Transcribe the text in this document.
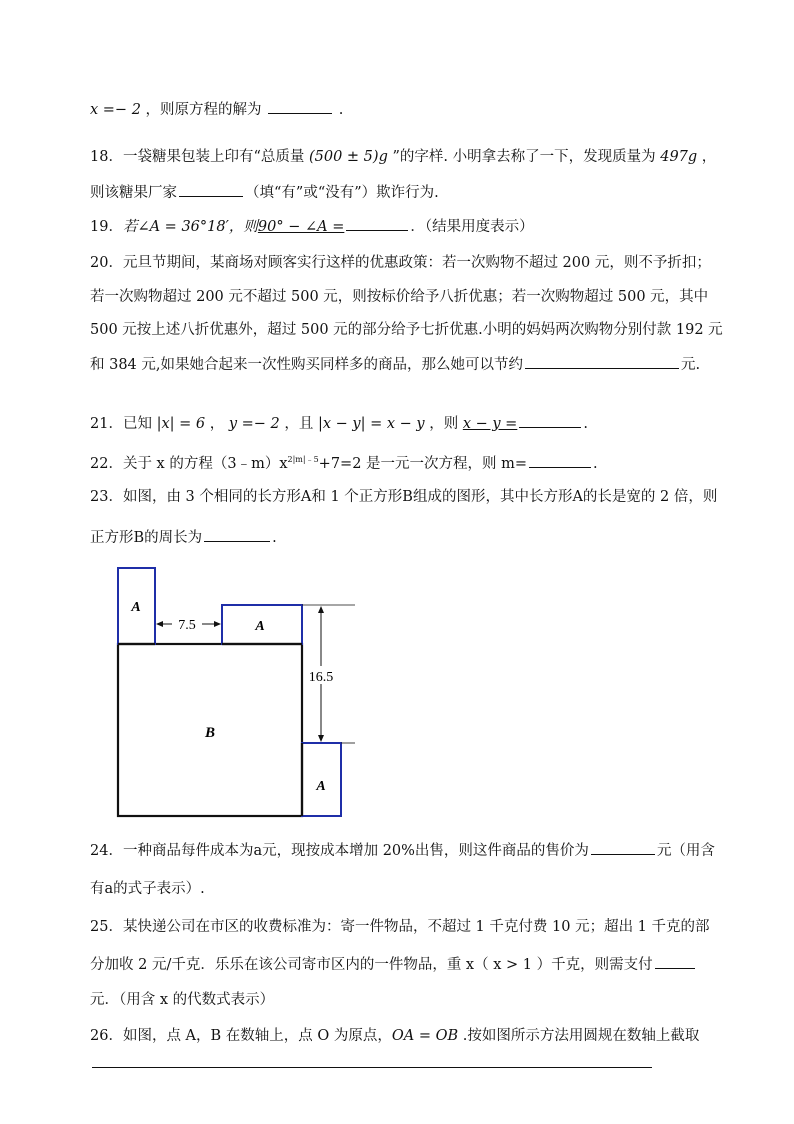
x =− 2 ，则原方程的解为	.
18．一袋糖果包装上印有“总质量 (500 ± 5)g ”的字样. 小明拿去称了一下，发现质量为 497g ，
则该糖果厂家	（填“有”或“没有”）欺诈行为.
19．若∠A = 36°18′，则90° − ∠A =	．（结果用度表示）
20．元旦节期间，某商场对顾客实行这样的优惠政策：若一次购物不超过 200 元，则不予折扣；
若一次购物超过 200 元不超过 500 元，则按标价给予八折优惠；若一次购物超过 500 元，其中
500 元按上述八折优惠外，超过 500 元的部分给予七折优惠.小明的妈妈两次购物分别付款 192 元
和 384 元,如果她合起来一次性购买同样多的商品，那么她可以节约	元.
21．已知 |x| = 6 ， y =− 2 ，且 |x − y| = x − y ，则 x − y =	.
22．关于 x 的方程$(3﹣m)x^{2|m|﹣5}+7=2$ 是一元一次方程，则 m=	.
23．如图，由 3 个相同的长方形A和 1 个正方形B组成的图形，其中长方形A的长是宽的 2 倍，则
正方形B的周长为	.
7.5
16.5
A
A
A
B
24．一种商品每件成本为a元，现按成本增加 20%出售，则这件商品的售价为	元（用含
有a的式子表示）.
25．某快递公司在市区的收费标准为：寄一件物品，不超过 1 千克付费 10 元；超出 1 千克的部
分加收 2 元/千克．乐乐在该公司寄市区内的一件物品，重 x（ x > 1 ）千克，则需支付
元．（用含 x 的代数式表示）
26．如图，点 A，B 在数轴上，点 O 为原点，OA = OB .按如图所示方法用圆规在数轴上截取
